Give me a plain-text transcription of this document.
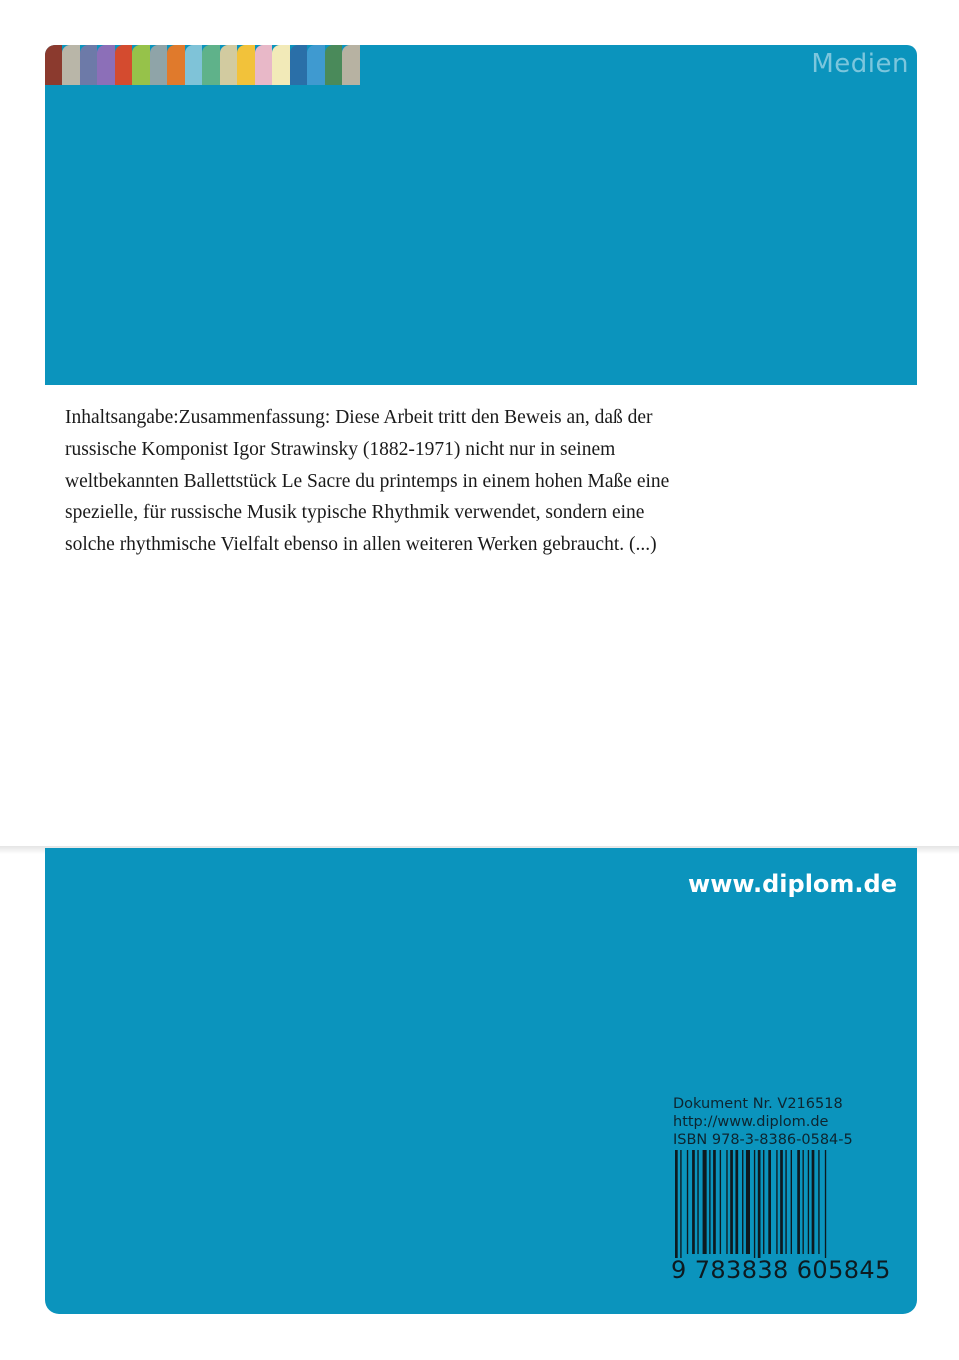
Medien
Inhaltsangabe:Zusammenfassung: Diese Arbeit tritt den Beweis an, daß der
russische Komponist Igor Strawinsky (1882-1971) nicht nur in seinem
weltbekannten Ballettstück Le Sacre du printemps in einem hohen Maße eine
spezielle, für russische Musik typische Rhythmik verwendet, sondern eine
solche rhythmische Vielfalt ebenso in allen weiteren Werken gebraucht. (...)
www.diplom.de
Dokument Nr. V216518
http://www.diplom.de
ISBN 978-3-8386-0584-5
9 783838 605845
